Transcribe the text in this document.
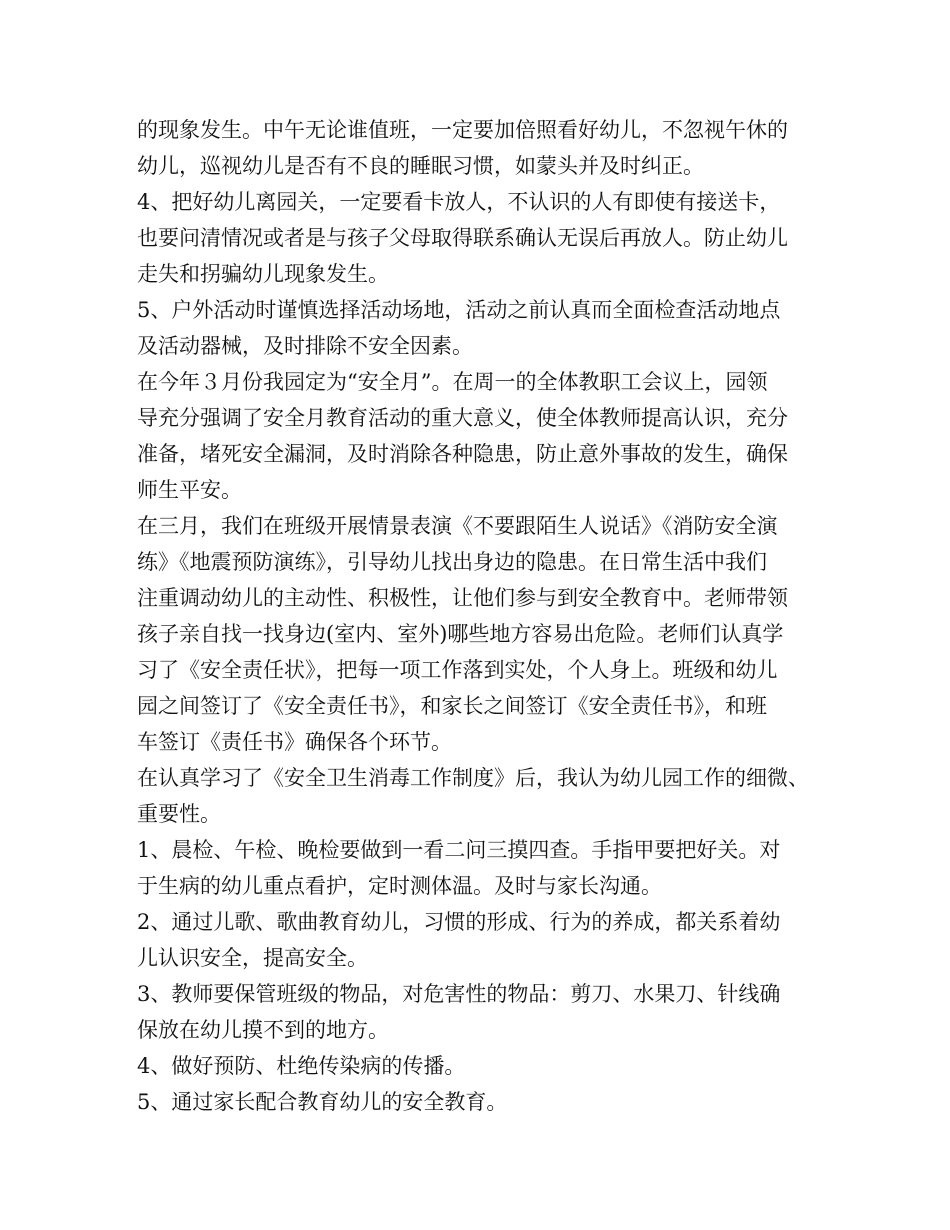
的现象发生。中午无论谁值班，一定要加倍照看好幼儿，不忽视午休的
幼儿，巡视幼儿是否有不良的睡眠习惯，如蒙头并及时纠正。
4、把好幼儿离园关，一定要看卡放人，不认识的人有即使有接送卡，
也要问清情况或者是与孩子父母取得联系确认无误后再放人。防止幼儿
走失和拐骗幼儿现象发生。
5、户外活动时谨慎选择活动场地，活动之前认真而全面检查活动地点
及活动器械，及时排除不安全因素。
在今年３月份我园定为“安全月”。在周一的全体教职工会议上，园领
导充分强调了安全月教育活动的重大意义，使全体教师提高认识，充分
准备，堵死安全漏洞，及时消除各种隐患，防止意外事故的发生，确保
师生平安。
在三月，我们在班级开展情景表演《不要跟陌生人说话》《消防安全演
练》《地震预防演练》，引导幼儿找出身边的隐患。在日常生活中我们
注重调动幼儿的主动性、积极性，让他们参与到安全教育中。老师带领
孩子亲自找一找身边(室内、室外)哪些地方容易出危险。老师们认真学
习了《安全责任状》，把每一项工作落到实处，个人身上。班级和幼儿
园之间签订了《安全责任书》，和家长之间签订《安全责任书》，和班
车签订《责任书》确保各个环节。
在认真学习了《安全卫生消毒工作制度》后，我认为幼儿园工作的细微、
重要性。
1、晨检、午检、晚检要做到一看二问三摸四查。手指甲要把好关。对
于生病的幼儿重点看护，定时测体温。及时与家长沟通。
2、通过儿歌、歌曲教育幼儿，习惯的形成、行为的养成，都关系着幼
儿认识安全，提高安全。
3、教师要保管班级的物品，对危害性的物品：剪刀、水果刀、针线确
保放在幼儿摸不到的地方。
4、做好预防、杜绝传染病的传播。
5、通过家长配合教育幼儿的安全教育。
